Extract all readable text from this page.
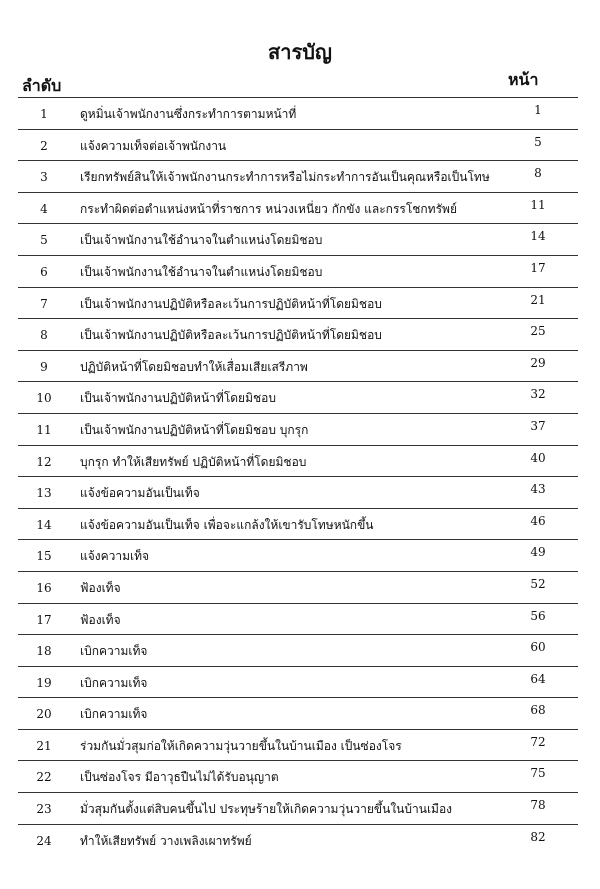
สารบัญ
ลำดับ	หน้า
1	ดูหมิ่นเจ้าพนักงานซึ่งกระทำการตามหน้าที่	1
2	แจ้งความเท็จต่อเจ้าพนักงาน	5
3	เรียกทรัพย์สินให้เจ้าพนักงานกระทำการหรือไม่กระทำการอันเป็นคุณหรือเป็นโทษ	8
4	กระทำผิดต่อตำแหน่งหน้าที่ราชการ หน่วงเหนี่ยว กักขัง และกรรโชกทรัพย์	11
5	เป็นเจ้าพนักงานใช้อำนาจในตำแหน่งโดยมิชอบ	14
6	เป็นเจ้าพนักงานใช้อำนาจในตำแหน่งโดยมิชอบ	17
7	เป็นเจ้าพนักงานปฏิบัติหรือละเว้นการปฏิบัติหน้าที่โดยมิชอบ	21
8	เป็นเจ้าพนักงานปฏิบัติหรือละเว้นการปฏิบัติหน้าที่โดยมิชอบ	25
9	ปฏิบัติหน้าที่โดยมิชอบทำให้เสื่อมเสียเสรีภาพ	29
10	เป็นเจ้าพนักงานปฏิบัติหน้าที่โดยมิชอบ	32
11	เป็นเจ้าพนักงานปฏิบัติหน้าที่โดยมิชอบ บุกรุก	37
12	บุกรุก ทำให้เสียทรัพย์ ปฏิบัติหน้าที่โดยมิชอบ	40
13	แจ้งข้อความอันเป็นเท็จ	43
14	แจ้งข้อความอันเป็นเท็จ เพื่อจะแกล้งให้เขารับโทษหนักขึ้น	46
15	แจ้งความเท็จ	49
16	ฟ้องเท็จ	52
17	ฟ้องเท็จ	56
18	เบิกความเท็จ	60
19	เบิกความเท็จ	64
20	เบิกความเท็จ	68
21	ร่วมกันมั่วสุมก่อให้เกิดความวุ่นวายขึ้นในบ้านเมือง เป็นซ่องโจร	72
22	เป็นซ่องโจร มีอาวุธปืนไม่ได้รับอนุญาต	75
23	มั่วสุมกันตั้งแต่สิบคนขึ้นไป ประทุษร้ายให้เกิดความวุ่นวายขึ้นในบ้านเมือง	78
24	ทำให้เสียทรัพย์ วางเพลิงเผาทรัพย์	82
